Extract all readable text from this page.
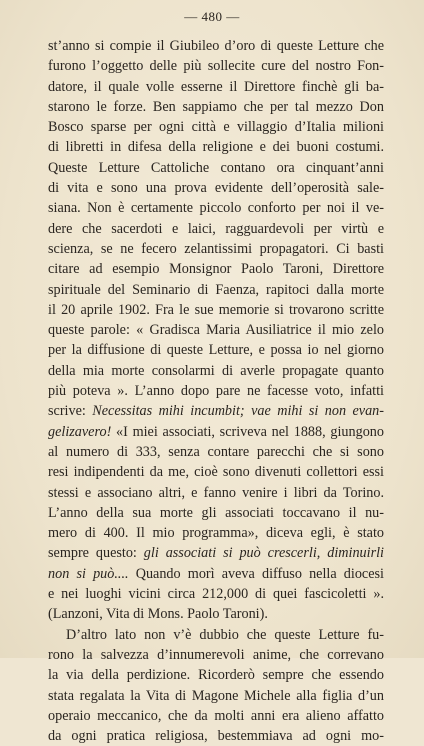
— 480 —
st’anno si compie il Giubileo d’oro di queste Letture che
furono l’oggetto delle più sollecite cure del nostro Fon-
datore, il quale volle esserne il Direttore finchè gli ba-
starono le forze. Ben sappiamo che per tal mezzo Don
Bosco sparse per ogni città e villaggio d’Italia milioni
di libretti in difesa della religione e dei buoni costumi.
Queste Letture Cattoliche contano ora cinquant’anni
di vita e sono una prova evidente dell’operosità sale-
siana. Non è certamente piccolo conforto per noi il ve-
dere che sacerdoti e laici, ragguardevoli per virtù e
scienza, se ne fecero zelantissimi propagatori. Ci basti
citare ad esempio Monsignor Paolo Taroni, Direttore
spirituale del Seminario di Faenza, rapitoci dalla morte
il 20 aprile 1902. Fra le sue memorie si trovarono scritte
queste parole: « Gradisca Maria Ausiliatrice il mio zelo
per la diffusione di queste Letture, e possa io nel giorno
della mia morte consolarmi di averle propagate quanto
più poteva ». L’anno dopo pare ne facesse voto, infatti
scrive: Necessitas mihi incumbit; vae mihi si non evan-
gelizavero! «I miei associati, scriveva nel 1888, giungono
al numero di 333, senza contare parecchi che si sono
resi indipendenti da me, cioè sono divenuti collettori essi
stessi e associano altri, e fanno venire i libri da Torino.
L’anno della sua morte gli associati toccavano il nu-
mero di 400. Il mio programma», diceva egli, è stato
sempre questo: gli associati si può crescerli, diminuirli
non si può.... Quando morì aveva diffuso nella diocesi
e nei luoghi vicini circa 212,000 di quei fascicoletti ».
(Lanzoni, Vita di Mons. Paolo Taroni).
D’altro lato non v’è dubbio che queste Letture fu-
rono la salvezza d’innumerevoli anime, che correvano
la via della perdizione. Ricorderò sempre che essendo
stata regalata la Vita di Magone Michele alla figlia d’un
operaio meccanico, che da molti anni era alieno affatto
da ogni pratica religiosa, bestemmiava ad ogni mo-
